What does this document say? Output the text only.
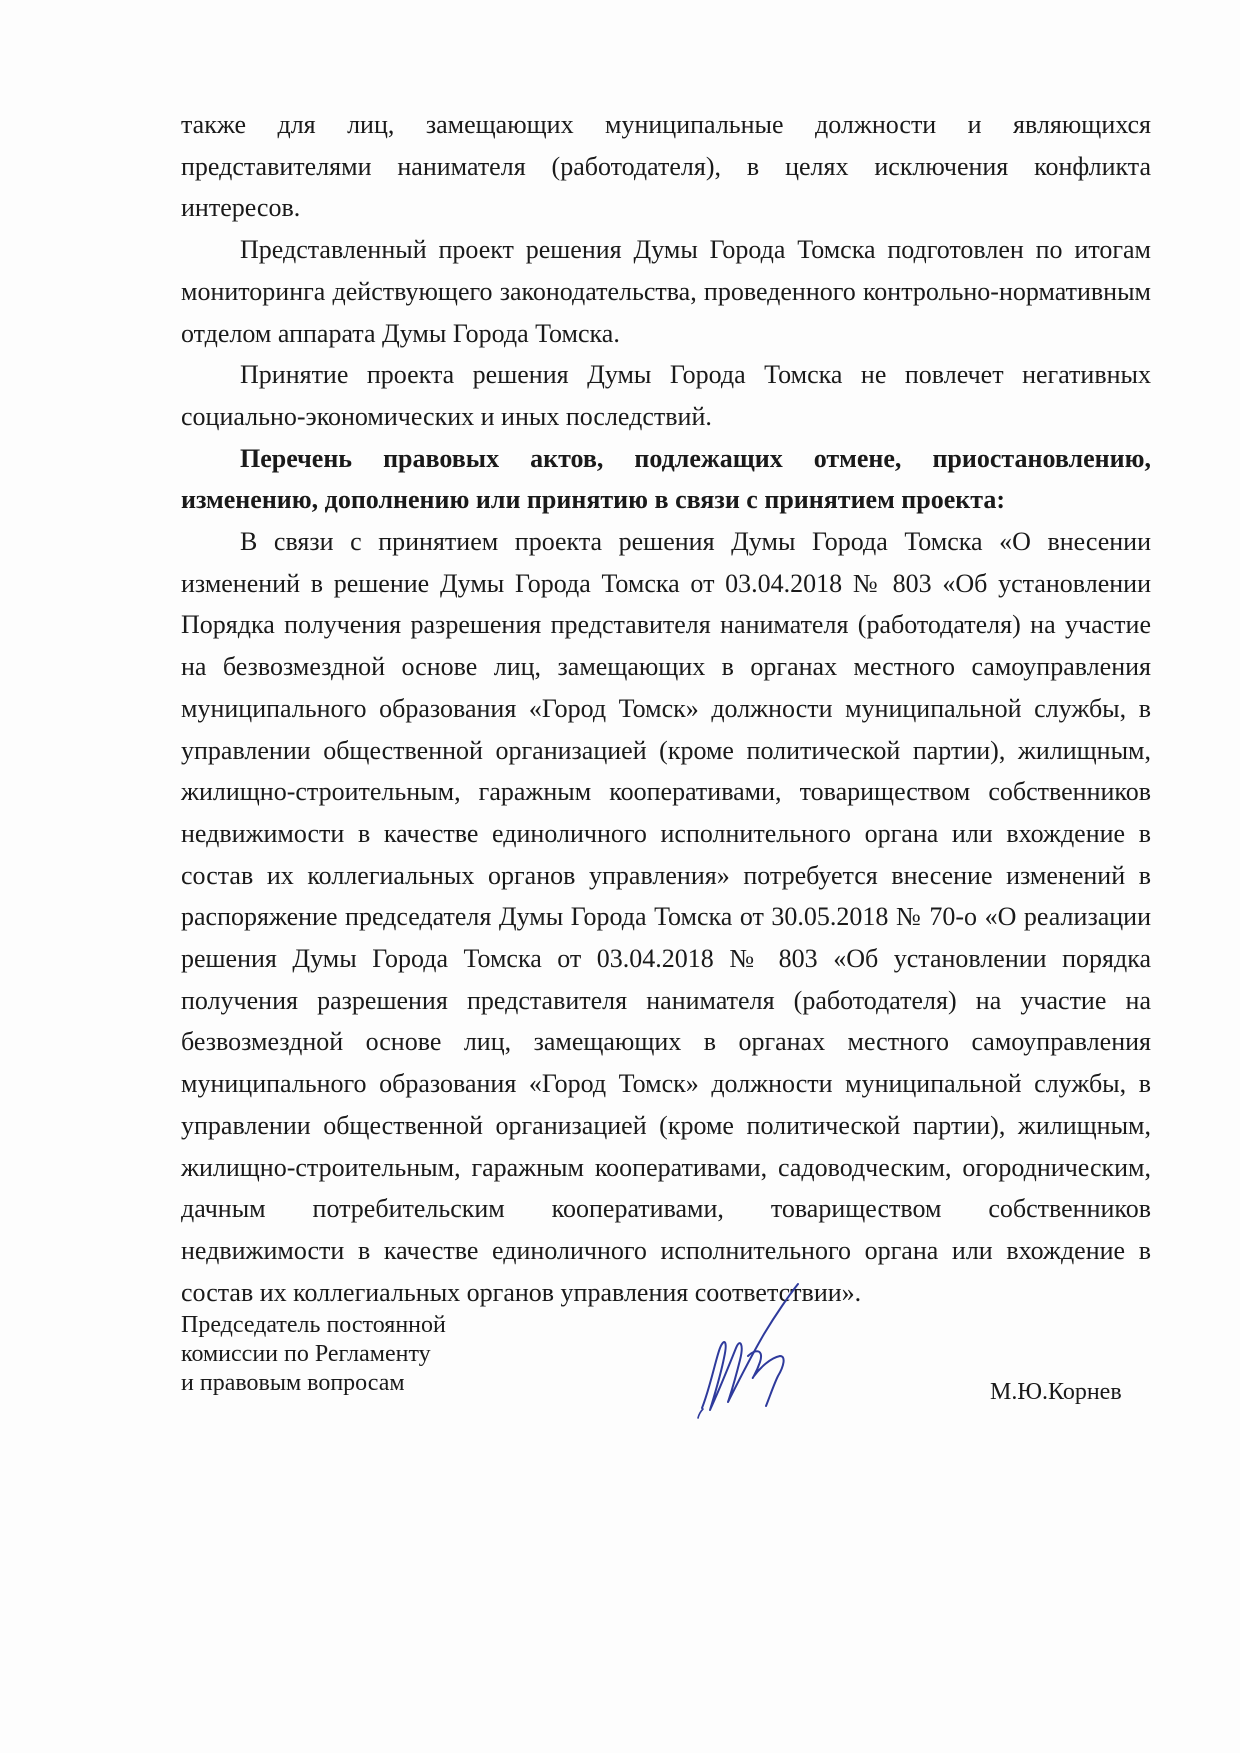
также для лиц, замещающих муниципальные должности и являющихся представителями нанимателя (работодателя), в целях исключения конфликта интересов.

Представленный проект решения Думы Города Томска подготовлен по итогам мониторинга действующего законодательства, проведенного контрольно-нормативным отделом аппарата Думы Города Томска.

Принятие проекта решения Думы Города Томска не повлечет негативных социально-экономических и иных последствий.

Перечень правовых актов, подлежащих отмене, приостановлению, изменению, дополнению или принятию в связи с принятием проекта:

В связи с принятием проекта решения Думы Города Томска «О внесении изменений в решение Думы Города Томска от 03.04.2018 № 803 «Об установлении Порядка получения разрешения представителя нанимателя (работодателя) на участие на безвозмездной основе лиц, замещающих в органах местного самоуправления муниципального образования «Город Томск» должности муниципальной службы, в управлении общественной организацией (кроме политической партии), жилищным, жилищно-строительным, гаражным кооперативами, товариществом собственников недвижимости в качестве единоличного исполнительного органа или вхождение в состав их коллегиальных органов управления» потребуется внесение изменений в распоряжение председателя Думы Города Томска от 30.05.2018 № 70-о «О реализации решения Думы Города Томска от 03.04.2018 № 803 «Об установлении порядка получения разрешения представителя нанимателя (работодателя) на участие на безвозмездной основе лиц, замещающих в органах местного самоуправления муниципального образования «Город Томск» должности муниципальной службы, в управлении общественной организацией (кроме политической партии), жилищным, жилищно-строительным, гаражным кооперативами, садоводческим, огородническим, дачным потребительским кооперативами, товариществом собственников недвижимости в качестве единоличного исполнительного органа или вхождение в состав их коллегиальных органов управления соответствии».

Председатель постоянной

комиссии по Регламенту

и правовым вопросам	М.Ю.Корнев
